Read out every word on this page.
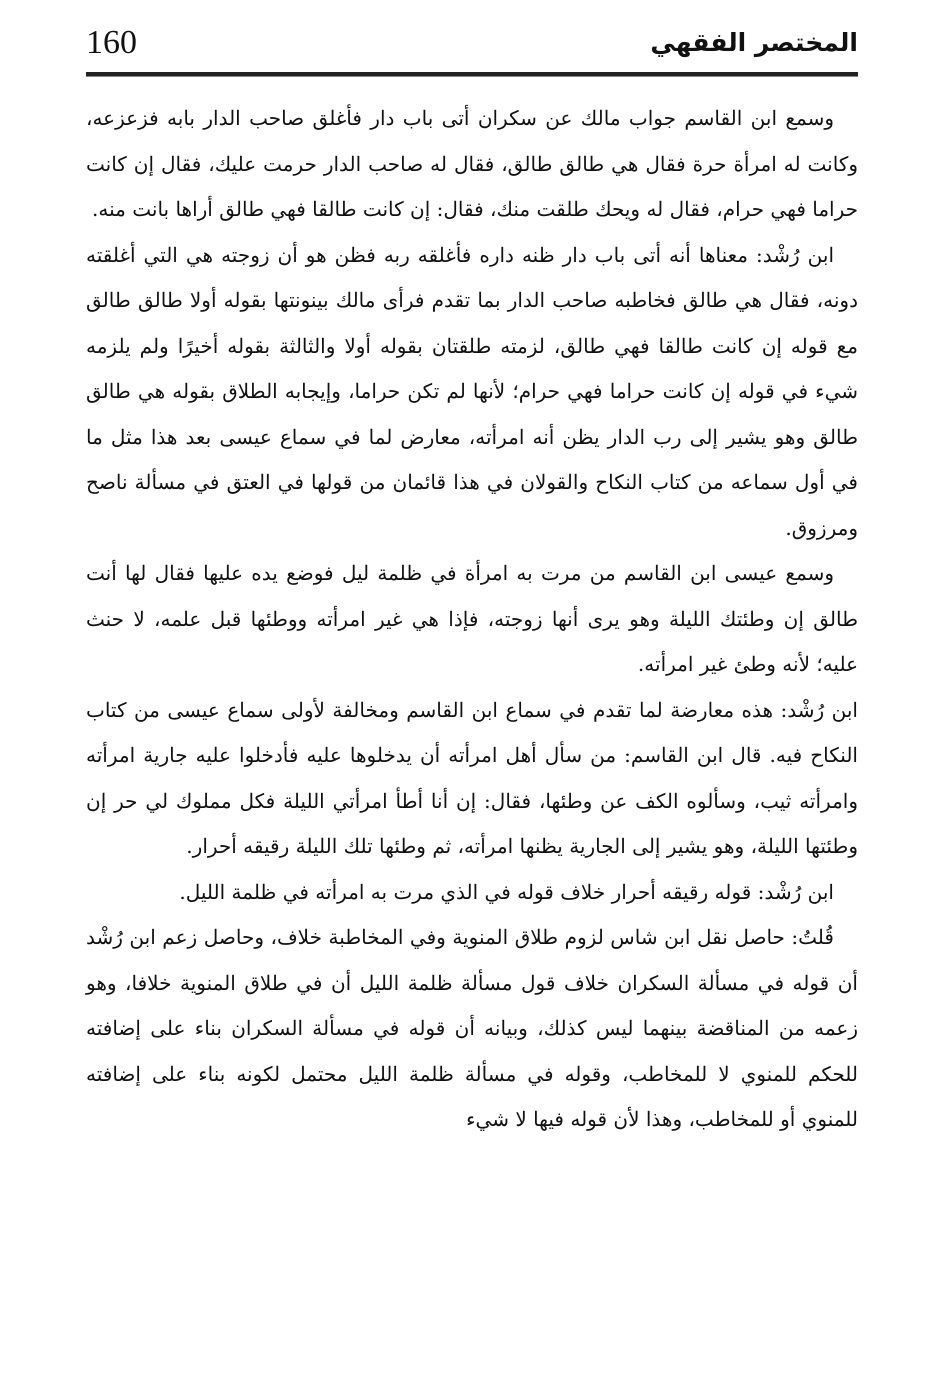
160	المختصر الفقهي

وسمع ابن القاسم جواب مالك عن سكران أتى باب دار فأغلق صاحب الدار بابه فزعزعه، وكانت له امرأة حرة فقال هي طالق طالق، فقال له صاحب الدار حرمت عليك، فقال إن كانت حراما فهي حرام، فقال له ويحك طلقت منك، فقال: إن كانت طالقا فهي طالق أراها بانت منه.

ابن رُشْد: معناها أنه أتى باب دار ظنه داره فأغلقه ربه فظن هو أن زوجته هي التي أغلقته دونه، فقال هي طالق فخاطبه صاحب الدار بما تقدم فرأى مالك بينونتها بقوله أولا طالق طالق مع قوله إن كانت طالقا فهي طالق، لزمته طلقتان بقوله أولا والثالثة بقوله أخيرًا ولم يلزمه شيء في قوله إن كانت حراما فهي حرام؛ لأنها لم تكن حراما، وإيجابه الطلاق بقوله هي طالق طالق وهو يشير إلى رب الدار يظن أنه امرأته، معارض لما في سماع عيسى بعد هذا مثل ما في أول سماعه من كتاب النكاح والقولان في هذا قائمان من قولها في العتق في مسألة ناصح ومرزوق.

وسمع عيسى ابن القاسم من مرت به امرأة في ظلمة ليل فوضع يده عليها فقال لها أنت طالق إن وطئتك الليلة وهو يرى أنها زوجته، فإذا هي غير امرأته ووطئها قبل علمه، لا حنث عليه؛ لأنه وطئ غير امرأته.

ابن رُشْد: هذه معارضة لما تقدم في سماع ابن القاسم ومخالفة لأولى سماع عيسى من كتاب النكاح فيه. قال ابن القاسم: من سأل أهل امرأته أن يدخلوها عليه فأدخلوا عليه جارية امرأته وامرأته ثيب، وسألوه الكف عن وطئها، فقال: إن أنا أطأ امرأتي الليلة فكل مملوك لي حر إن وطئتها الليلة، وهو يشير إلى الجارية يظنها امرأته، ثم وطئها تلك الليلة رقيقه أحرار.

ابن رُشْد: قوله رقيقه أحرار خلاف قوله في الذي مرت به امرأته في ظلمة الليل.

قُلتُ: حاصل نقل ابن شاس لزوم طلاق المنوية وفي المخاطبة خلاف، وحاصل زعم ابن رُشْد أن قوله في مسألة السكران خلاف قول مسألة ظلمة الليل أن في طلاق المنوية خلافا، وهو زعمه من المناقضة بينهما ليس كذلك، وبيانه أن قوله في مسألة السكران بناء على إضافته للحكم للمنوي لا للمخاطب، وقوله في مسألة ظلمة الليل محتمل لكونه بناء على إضافته للمنوي أو للمخاطب، وهذا لأن قوله فيها لا شيء
